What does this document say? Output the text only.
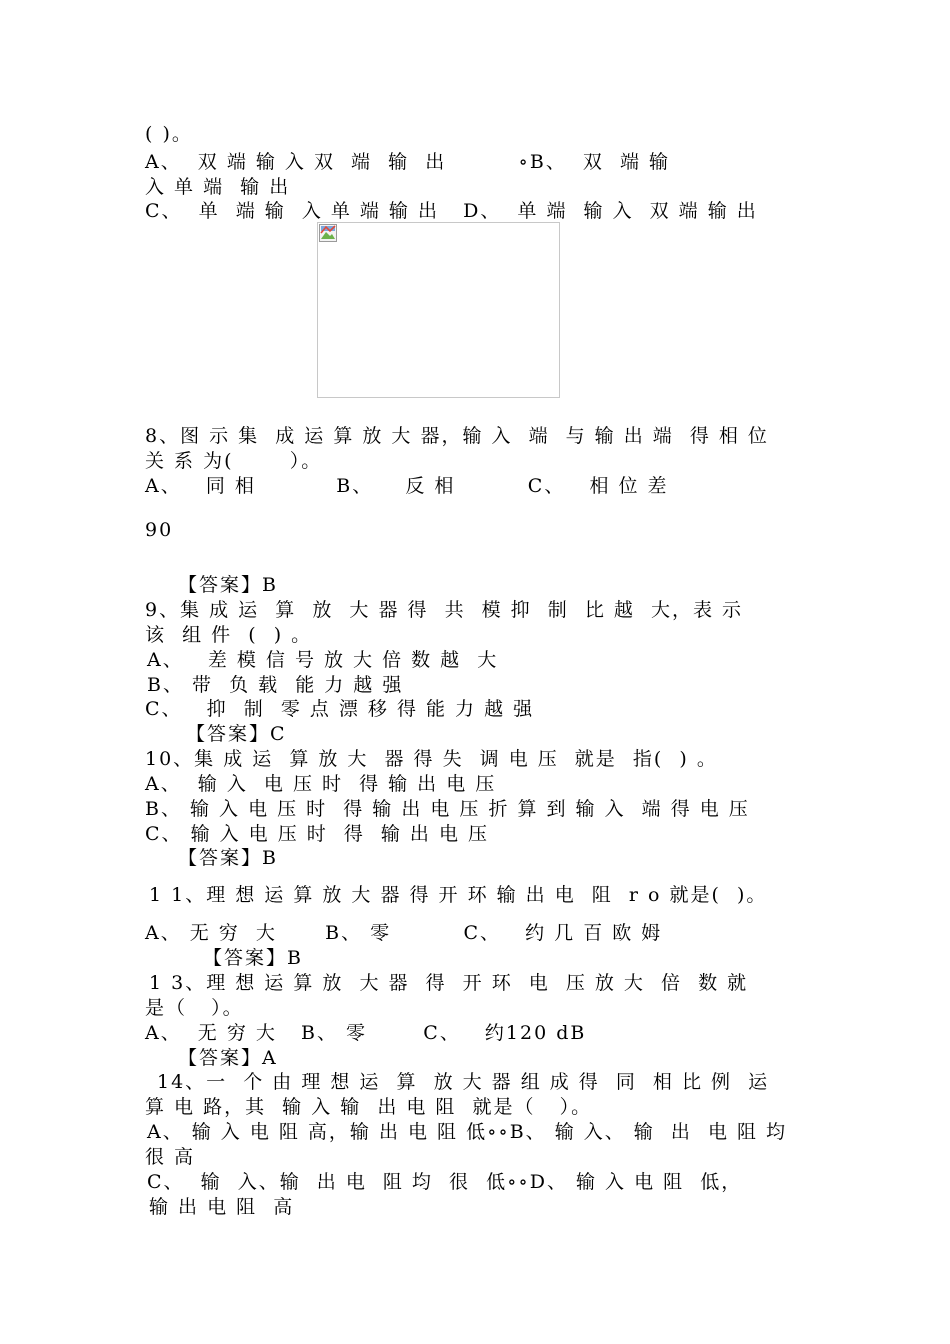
( )。
A、  双 端 输 入 双  端  输  出         ∘B、  双  端 输
入 单 端  输 出
C、  单  端 输  入 单 端 输 出   D、  单 端  输 入  双 端 输 出
8、图 示 集  成 运 算 放 大 器，输 入  端  与 输 出 端  得 相 位
关 系 为(       ）。
A、   同 相          B、    反 相         C、   相 位 差
90
【答案】B
9、集 成 运  算  放  大 器 得  共  模 抑  制  比 越  大，表 示
该  组 件  (  ) 。
A、   差 模 信 号 放 大 倍 数 越  大
B、 带  负 载  能 力 越 强
C、   抑  制  零 点 漂 移 得 能 力 越 强
【答案】C
10、集 成 运  算 放 大  器 得 失  调 电 压  就是  指(  ) 。
A、  输 入  电 压 时  得 输 出 电 压
B、 输 入 电 压 时  得 输 出 电 压 折 算 到 输 入  端 得 电 压
C、 输 入 电 压 时  得  输 出 电 压
【答案】B
1 1、理 想 运 算 放 大 器 得 开 环 输 出 电  阻  r o 就是(  )。
A、 无 穷  大      B、 零         C、   约 几 百 欧 姆
【答案】B
1 3、理 想 运 算 放  大 器  得  开 环  电  压 放 大  倍  数 就
是（   ）。
A、  无 穷 大   B、 零       C、   约120 dB
【答案】A
14、一  个 由 理 想 运  算  放 大 器 组 成 得  同  相 比 例  运
算 电 路，其  输 入 输  出 电 阻  就是（   ）。
A、 输 入 电 阻 高，输 出 电 阻 低∘∘B、 输 入、 输  出  电 阻 均
很 高
C、  输  入、输  出 电  阻 均  很  低∘∘D、 输 入 电 阻  低，
输 出 电 阻  高
